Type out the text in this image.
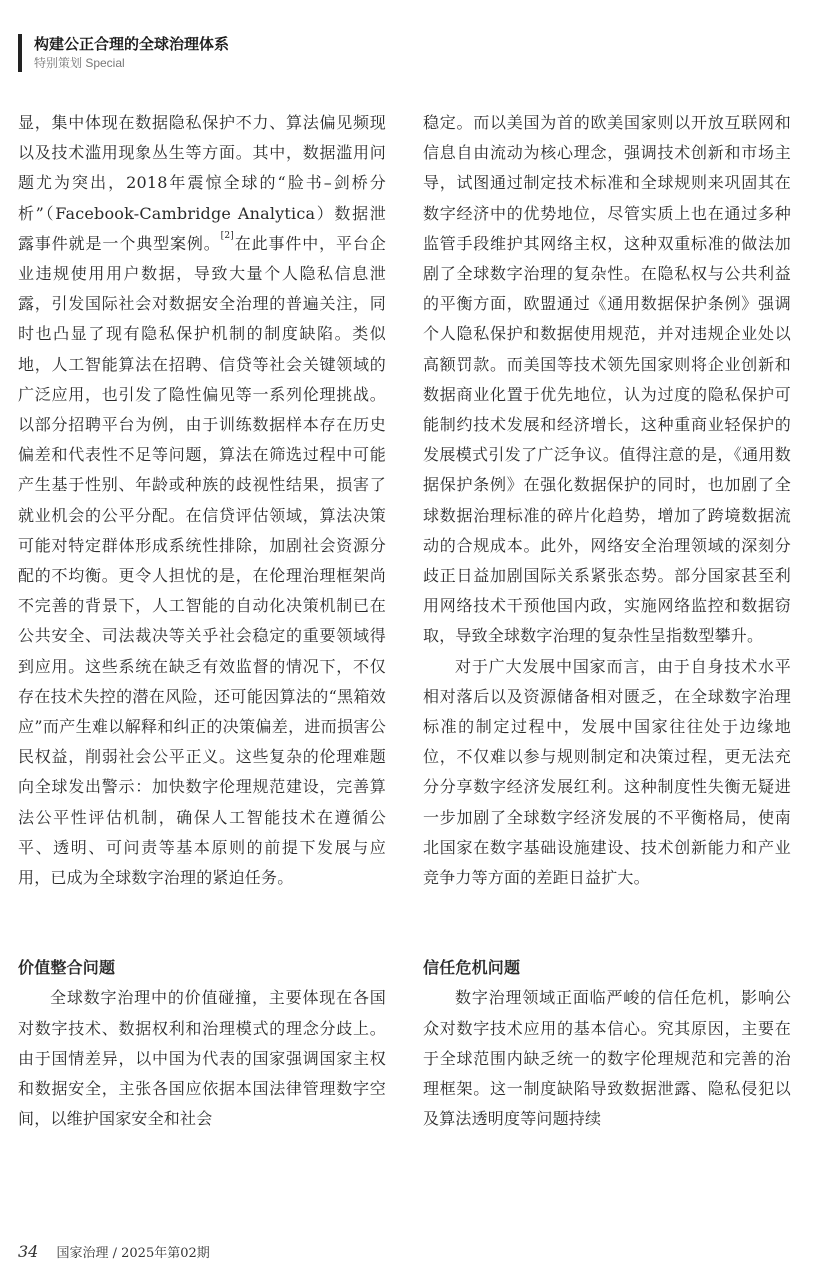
构建公正合理的全球治理体系
特别策划 Special

显，集中体现在数据隐私保护不力、算法偏见频现以及技术滥用现象丛生等方面。其中，数据滥用问题尤为突出，2018年震惊全球的“脸书–剑桥分析”（Facebook-Cambridge Analytica）数据泄露事件就是一个典型案例。[2]在此事件中，平台企业违规使用用户数据，导致大量个人隐私信息泄露，引发国际社会对数据安全治理的普遍关注，同时也凸显了现有隐私保护机制的制度缺陷。类似地，人工智能算法在招聘、信贷等社会关键领域的广泛应用，也引发了隐性偏见等一系列伦理挑战。以部分招聘平台为例，由于训练数据样本存在历史偏差和代表性不足等问题，算法在筛选过程中可能产生基于性别、年龄或种族的歧视性结果，损害了就业机会的公平分配。在信贷评估领域，算法决策可能对特定群体形成系统性排除，加剧社会资源分配的不均衡。更令人担忧的是，在伦理治理框架尚不完善的背景下，人工智能的自动化决策机制已在公共安全、司法裁决等关乎社会稳定的重要领域得到应用。这些系统在缺乏有效监督的情况下，不仅存在技术失控的潜在风险，还可能因算法的“黑箱效应”而产生难以解释和纠正的决策偏差，进而损害公民权益，削弱社会公平正义。这些复杂的伦理难题向全球发出警示：加快数字伦理规范建设，完善算法公平性评估机制，确保人工智能技术在遵循公平、透明、可问责等基本原则的前提下发展与应用，已成为全球数字治理的紧迫任务。

价值整合问题

全球数字治理中的价值碰撞，主要体现在各国对数字技术、数据权利和治理模式的理念分歧上。由于国情差异，以中国为代表的国家强调国家主权和数据安全，主张各国应依据本国法律管理数字空间，以维护国家安全和社会

稳定。而以美国为首的欧美国家则以开放互联网和信息自由流动为核心理念，强调技术创新和市场主导，试图通过制定技术标准和全球规则来巩固其在数字经济中的优势地位，尽管实质上也在通过多种监管手段维护其网络主权，这种双重标准的做法加剧了全球数字治理的复杂性。在隐私权与公共利益的平衡方面，欧盟通过《通用数据保护条例》强调个人隐私保护和数据使用规范，并对违规企业处以高额罚款。而美国等技术领先国家则将企业创新和数据商业化置于优先地位，认为过度的隐私保护可能制约技术发展和经济增长，这种重商业轻保护的发展模式引发了广泛争议。值得注意的是，《通用数据保护条例》在强化数据保护的同时，也加剧了全球数据治理标准的碎片化趋势，增加了跨境数据流动的合规成本。此外，网络安全治理领域的深刻分歧正日益加剧国际关系紧张态势。部分国家甚至利用网络技术干预他国内政，实施网络监控和数据窃取，导致全球数字治理的复杂性呈指数型攀升。

对于广大发展中国家而言，由于自身技术水平相对落后以及资源储备相对匮乏，在全球数字治理标准的制定过程中，发展中国家往往处于边缘地位，不仅难以参与规则制定和决策过程，更无法充分分享数字经济发展红利。这种制度性失衡无疑进一步加剧了全球数字经济发展的不平衡格局，使南北国家在数字基础设施建设、技术创新能力和产业竞争力等方面的差距日益扩大。

信任危机问题

数字治理领域正面临严峻的信任危机，影响公众对数字技术应用的基本信心。究其原因，主要在于全球范围内缺乏统一的数字伦理规范和完善的治理框架。这一制度缺陷导致数据泄露、隐私侵犯以及算法透明度等问题持续

34 国家治理 / 2025年第02期
